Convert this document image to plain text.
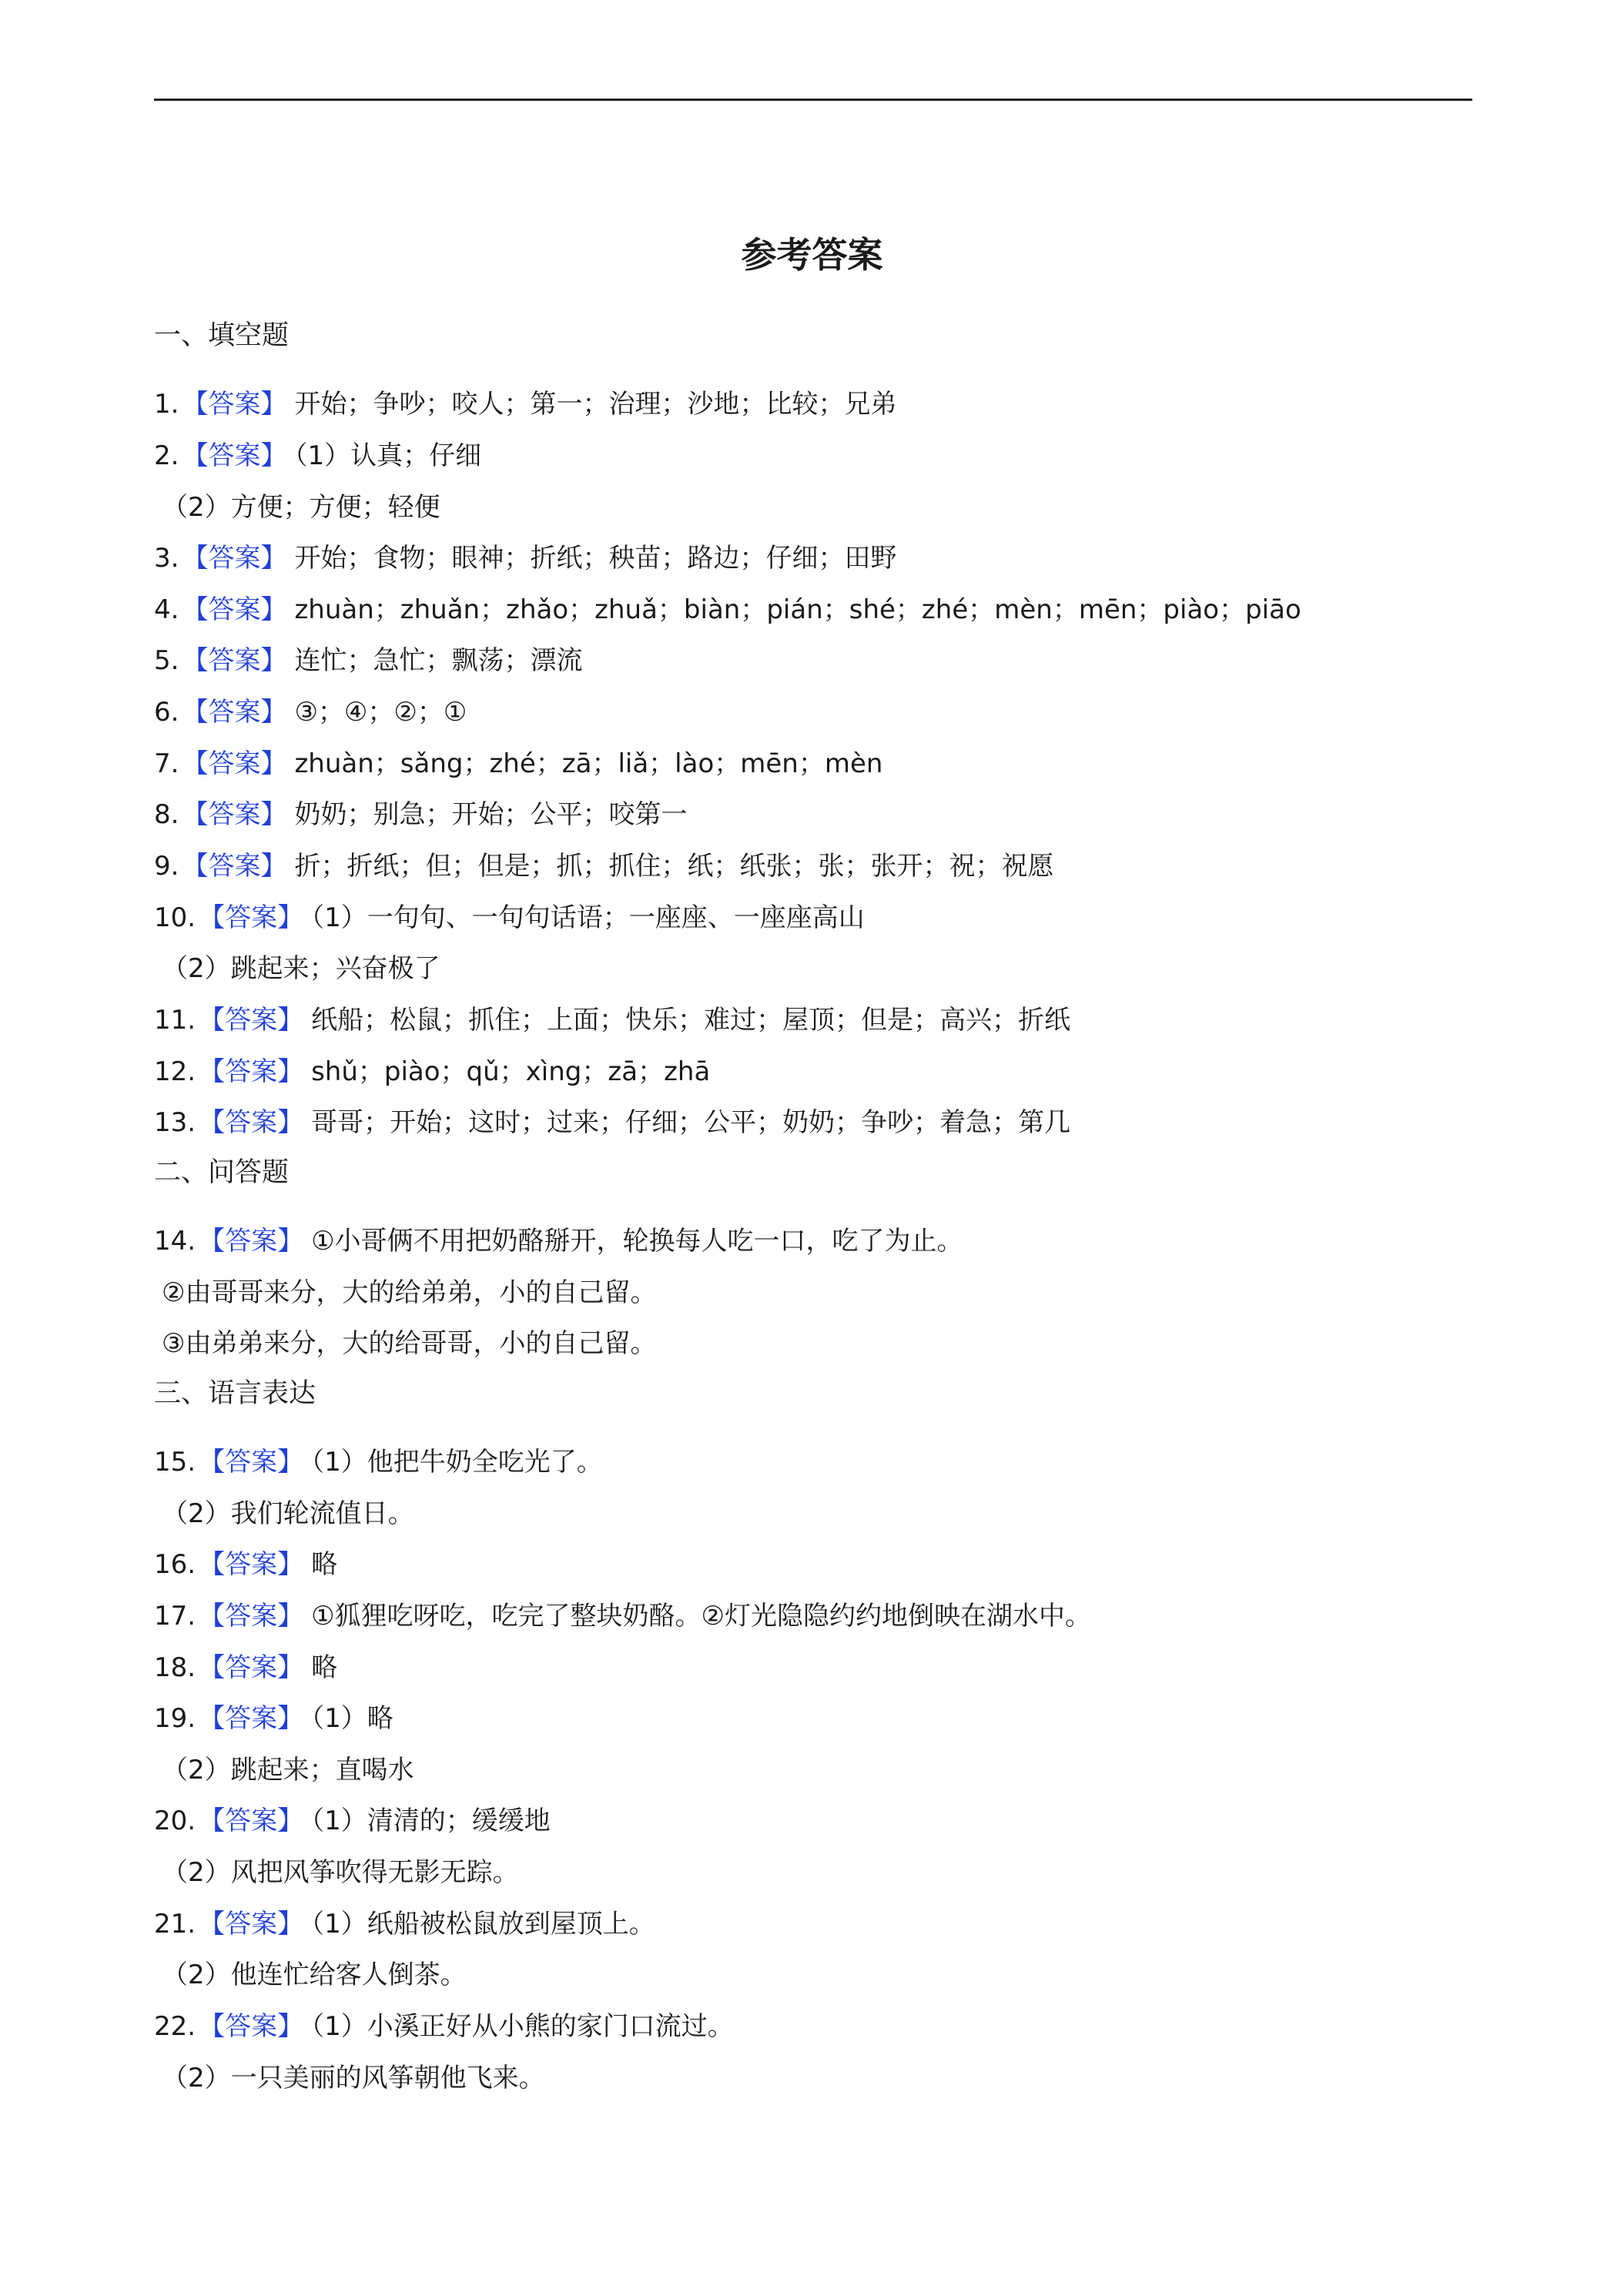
参考答案
一、填空题
1. 【 答案 】 开始；争吵；咬人；第一；治理；沙地；比较；兄弟
2. 【 答案 】 （1）认真；仔细
（2）方便；方便；轻便
3. 【 答案 】 开始；食物；眼神；折纸；秧苗；路边；仔细；田野
4. 【 答案 】 zhuàn；zhuǎn；zhǎo；zhuǎ；biàn；pián；shé；zhé；mèn；mēn；piào；piāo
5. 【 答案 】 连忙；急忙；飘荡；漂流
6. 【 答案 】 ③；④；②；①
7. 【 答案 】 zhuàn；sǎng；zhé；zā；liǎ；lào；mēn；mèn
8. 【 答案 】 奶奶；别急；开始；公平；咬第一
9. 【 答案 】 折；折纸；但；但是；抓；抓住；纸；纸张；张；张开；祝；祝愿
10. 【 答案 】 （1）一句句、一句句话语；一座座、一座座高山
（2）跳起来；兴奋极了
11. 【 答案 】 纸船；松鼠；抓住；上面；快乐；难过；屋顶；但是；高兴；折纸
12. 【 答案 】 shǔ；piào；qǔ；xìng；zā；zhā
13. 【 答案 】 哥哥；开始；这时；过来；仔细；公平；奶奶；争吵；着急；第几
二、问答题
14. 【 答案 】 ①小哥俩不用把奶酪掰开，轮换每人吃一口，吃了为止。
②由哥哥来分，大的给弟弟，小的自己留。
③由弟弟来分，大的给哥哥，小的自己留。
三、语言表达
15. 【 答案 】 （1）他把牛奶全吃光了。
（2）我们轮流值日。
16. 【 答案 】 略
17. 【 答案 】 ①狐狸吃呀吃，吃完了整块奶酪。②灯光隐隐约约地倒映在湖水中。
18. 【 答案 】 略
19. 【 答案 】 （1）略
（2）跳起来；直喝水
20. 【 答案 】 （1）清清的；缓缓地
（2）风把风筝吹得无影无踪。
21. 【 答案 】 （1）纸船被松鼠放到屋顶上。
（2）他连忙给客人倒茶。
22. 【 答案 】 （1）小溪正好从小熊的家门口流过。
（2）一只美丽的风筝朝他飞来。
